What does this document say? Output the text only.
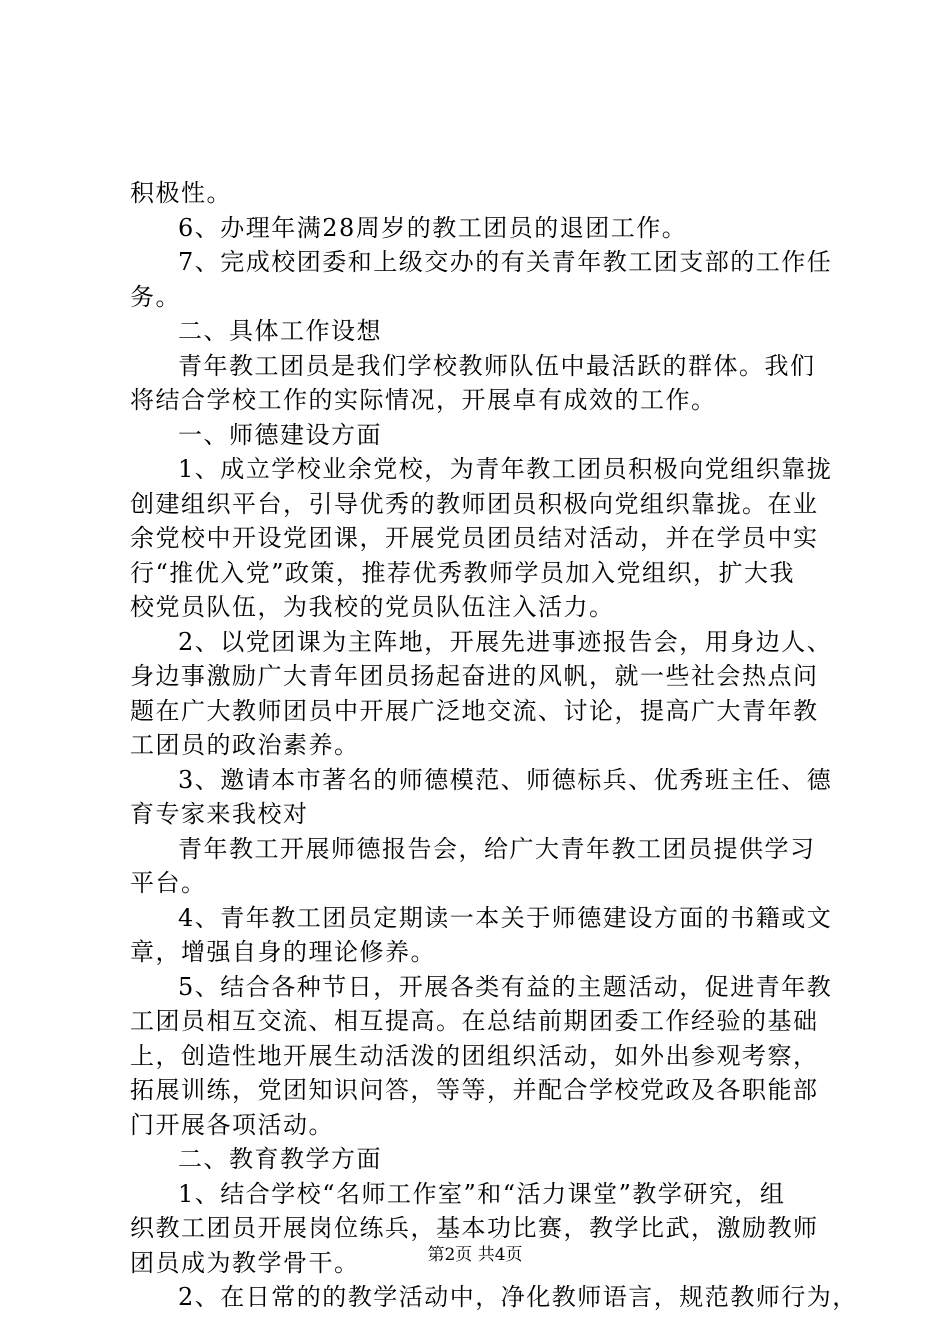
积极性。
6、办理年满28周岁的教工团员的退团工作。
7、完成校团委和上级交办的有关青年教工团支部的工作任
务。
二、具体工作设想
青年教工团员是我们学校教师队伍中最活跃的群体。我们
将结合学校工作的实际情况，开展卓有成效的工作。
一、师德建设方面
1、成立学校业余党校，为青年教工团员积极向党组织靠拢
创建组织平台，引导优秀的教师团员积极向党组织靠拢。在业
余党校中开设党团课，开展党员团员结对活动，并在学员中实
行“推优入党”政策，推荐优秀教师学员加入党组织，扩大我
校党员队伍，为我校的党员队伍注入活力。
2、以党团课为主阵地，开展先进事迹报告会，用身边人、
身边事激励广大青年团员扬起奋进的风帆，就一些社会热点问
题在广大教师团员中开展广泛地交流、讨论，提高广大青年教
工团员的政治素养。
3、邀请本市著名的师德模范、师德标兵、优秀班主任、德
育专家来我校对
青年教工开展师德报告会，给广大青年教工团员提供学习
平台。
4、青年教工团员定期读一本关于师德建设方面的书籍或文
章，增强自身的理论修养。
5、结合各种节日，开展各类有益的主题活动，促进青年教
工团员相互交流、相互提高。在总结前期团委工作经验的基础
上，创造性地开展生动活泼的团组织活动，如外出参观考察，
拓展训练，党团知识问答，等等，并配合学校党政及各职能部
门开展各项活动。
二、教育教学方面
1、结合学校“名师工作室”和“活力课堂”教学研究，组
织教工团员开展岗位练兵，基本功比赛，教学比武，激励教师
团员成为教学骨干。
2、在日常的的教学活动中，净化教师语言，规范教师行为，
第2页 共4页
